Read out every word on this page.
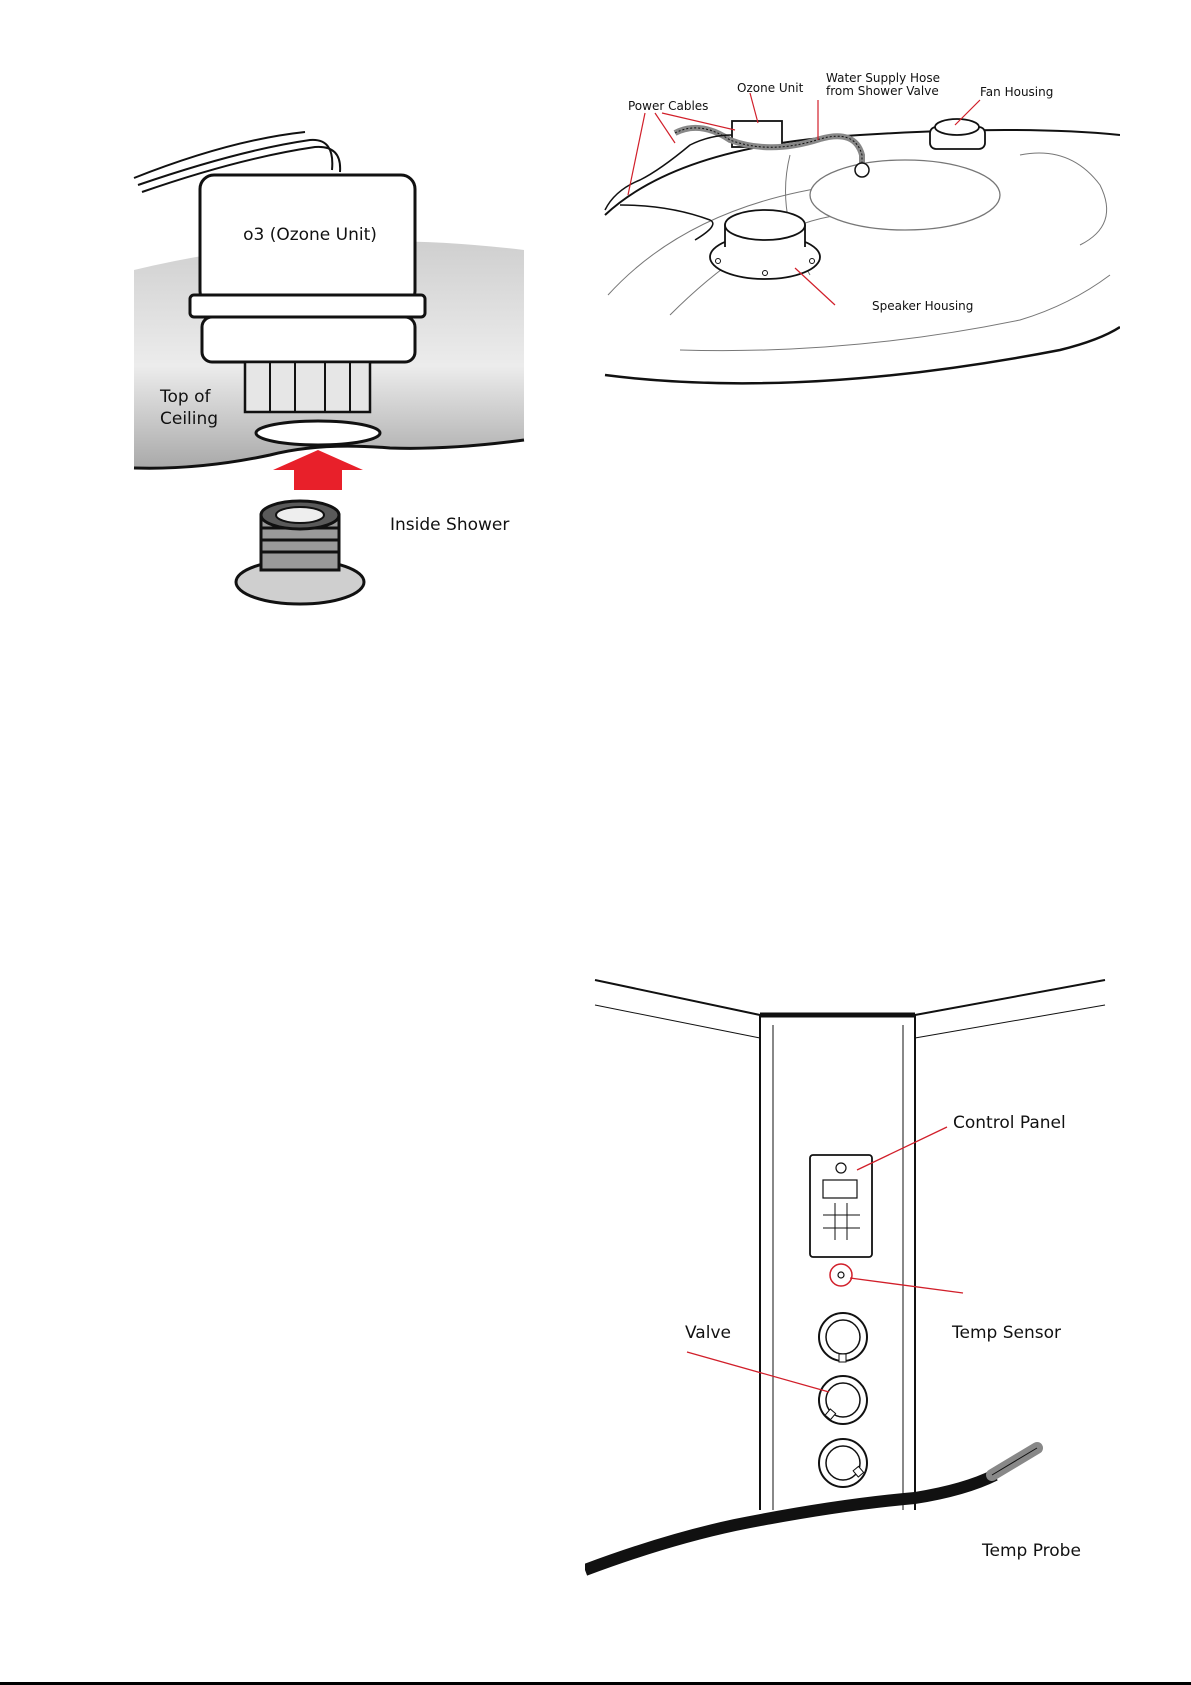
o3 (Ozone Unit)
Top of
Ceiling
Inside Shower
Power Cables
Ozone Unit
Water Supply Hose
from Shower Valve	Fan Housing
Speaker Housing
Control Panel
Temp Sensor
Valve
Temp Probe
